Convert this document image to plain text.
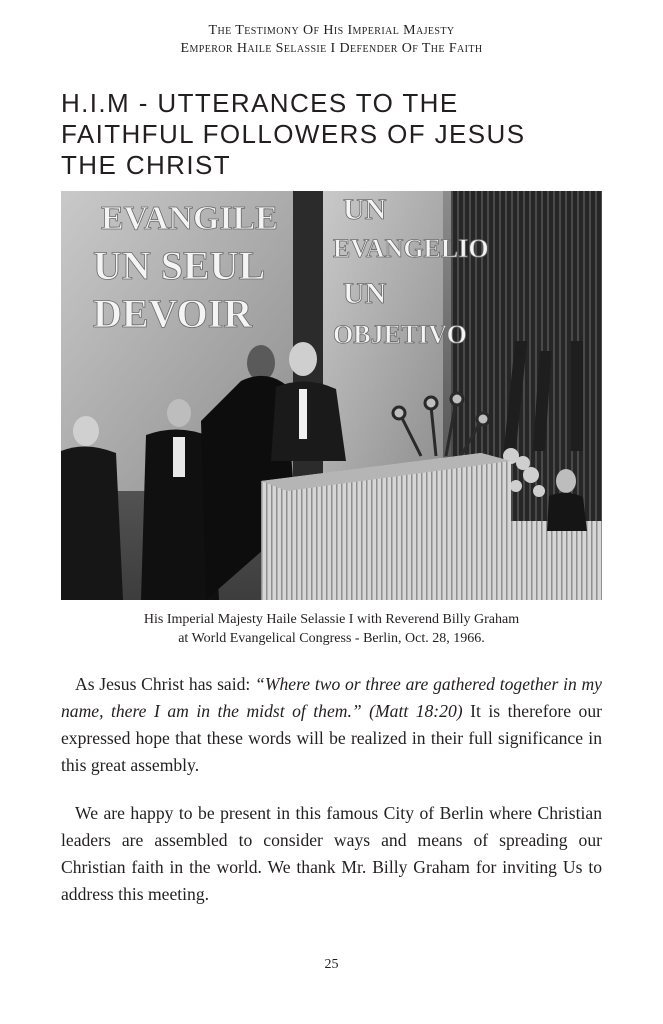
The Testimony Of His Imperial Majesty
Emperor Haile Selassie I Defender Of The Faith
H.I.M - UTTERANCES TO THE
FAITHFUL FOLLOWERS OF JESUS
THE CHRIST
EVANGILE
UN SEUL
DEVOIR
UN
EVANGELIO
UN
OBJETIVO
His Imperial Majesty Haile Selassie I with Reverend Billy Graham
at World Evangelical Congress - Berlin, Oct. 28, 1966.

As Jesus Christ has said: “Where two or three are gathered together in my name, there I am in the midst of them.” (Matt 18:20) It is therefore our expressed hope that these words will be realized in their full significance in this great assembly.

We are happy to be present in this famous City of Berlin where Christian leaders are assembled to consider ways and means of spreading our Christian faith in the world. We thank Mr. Billy Graham for inviting Us to address this meeting.

25
